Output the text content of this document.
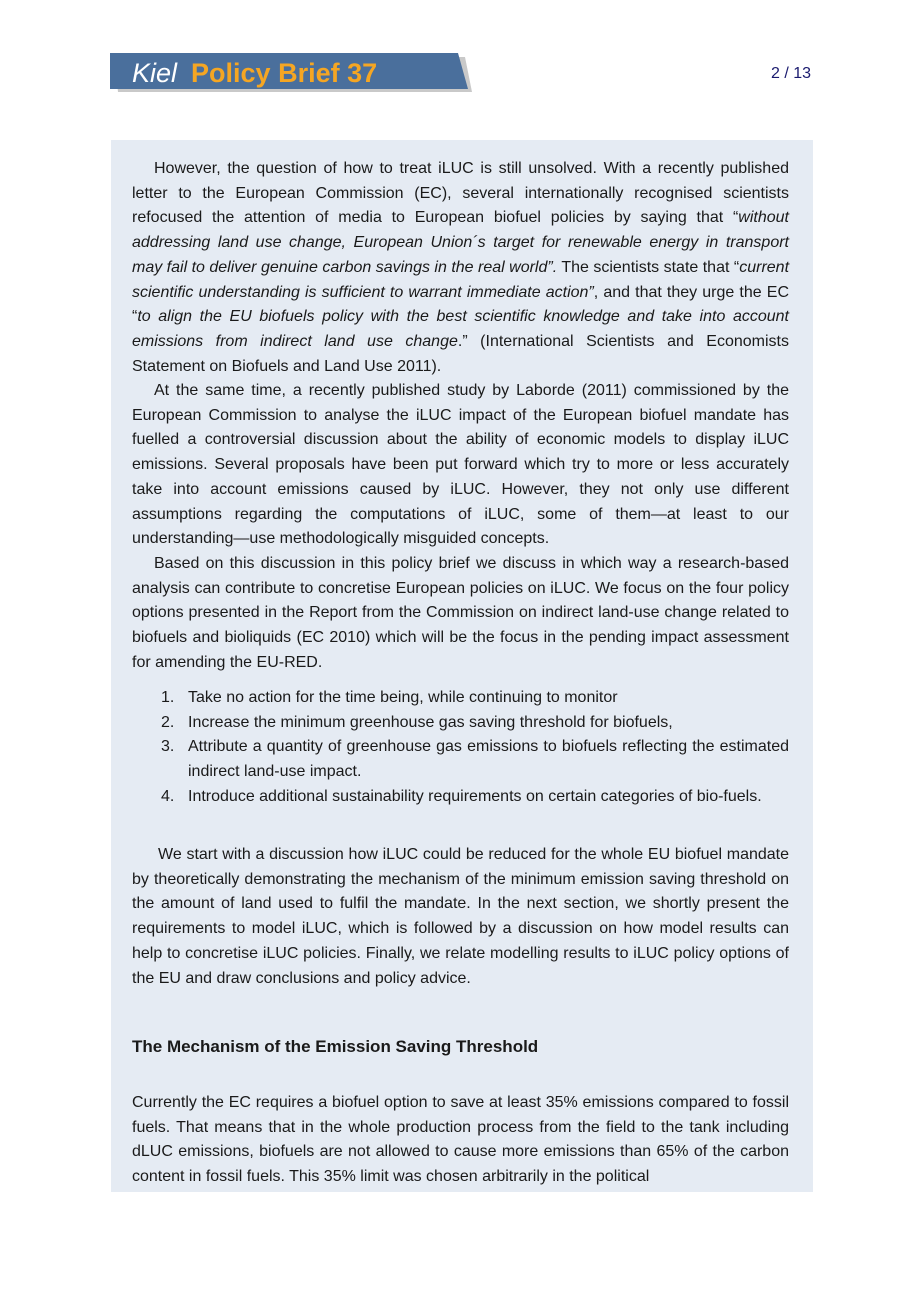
Kiel Policy Brief 37	2 / 13

However, the question of how to treat iLUC is still unsolved. With a recently published letter to the European Commission (EC), several internationally recognised scientists refocused the attention of media to European biofuel policies by saying that “without addressing land use change, European Union´s target for renewable energy in transport may fail to deliver genuine carbon savings in the real world”. The scientists state that “current scientific understanding is sufficient to warrant immediate action”, and that they urge the EC “to align the EU biofuels policy with the best scientific knowledge and take into account emissions from indirect land use change.” (International Scientists and Economists Statement on Biofuels and Land Use 2011).

At the same time, a recently published study by Laborde (2011) commissioned by the European Commission to analyse the iLUC impact of the European biofuel mandate has fuelled a controversial discussion about the ability of economic models to display iLUC emissions. Several proposals have been put forward which try to more or less accurately take into account emissions caused by iLUC. However, they not only use different assumptions regarding the computations of iLUC, some of them—at least to our understanding—use methodologically misguided concepts.

Based on this discussion in this policy brief we discuss in which way a research-based analysis can contribute to concretise European policies on iLUC. We focus on the four policy options presented in the Report from the Commission on indirect land-use change related to biofuels and bioliquids (EC 2010) which will be the focus in the pending impact assessment for amending the EU-RED.

1. Take no action for the time being, while continuing to monitor
2. Increase the minimum greenhouse gas saving threshold for biofuels,
3. Attribute a quantity of greenhouse gas emissions to biofuels reflecting the estimated indirect land-use impact.
4. Introduce additional sustainability requirements on certain categories of bio-fuels.

We start with a discussion how iLUC could be reduced for the whole EU biofuel mandate by theoretically demonstrating the mechanism of the minimum emission saving threshold on the amount of land used to fulfil the mandate. In the next section, we shortly present the requirements to model iLUC, which is followed by a discussion on how model results can help to concretise iLUC policies. Finally, we relate modelling results to iLUC policy options of the EU and draw conclusions and policy advice.

The Mechanism of the Emission Saving Threshold

Currently the EC requires a biofuel option to save at least 35% emissions compared to fossil fuels. That means that in the whole production process from the field to the tank including dLUC emissions, biofuels are not allowed to cause more emissions than 65% of the carbon content in fossil fuels. This 35% limit was chosen arbitrarily in the political
